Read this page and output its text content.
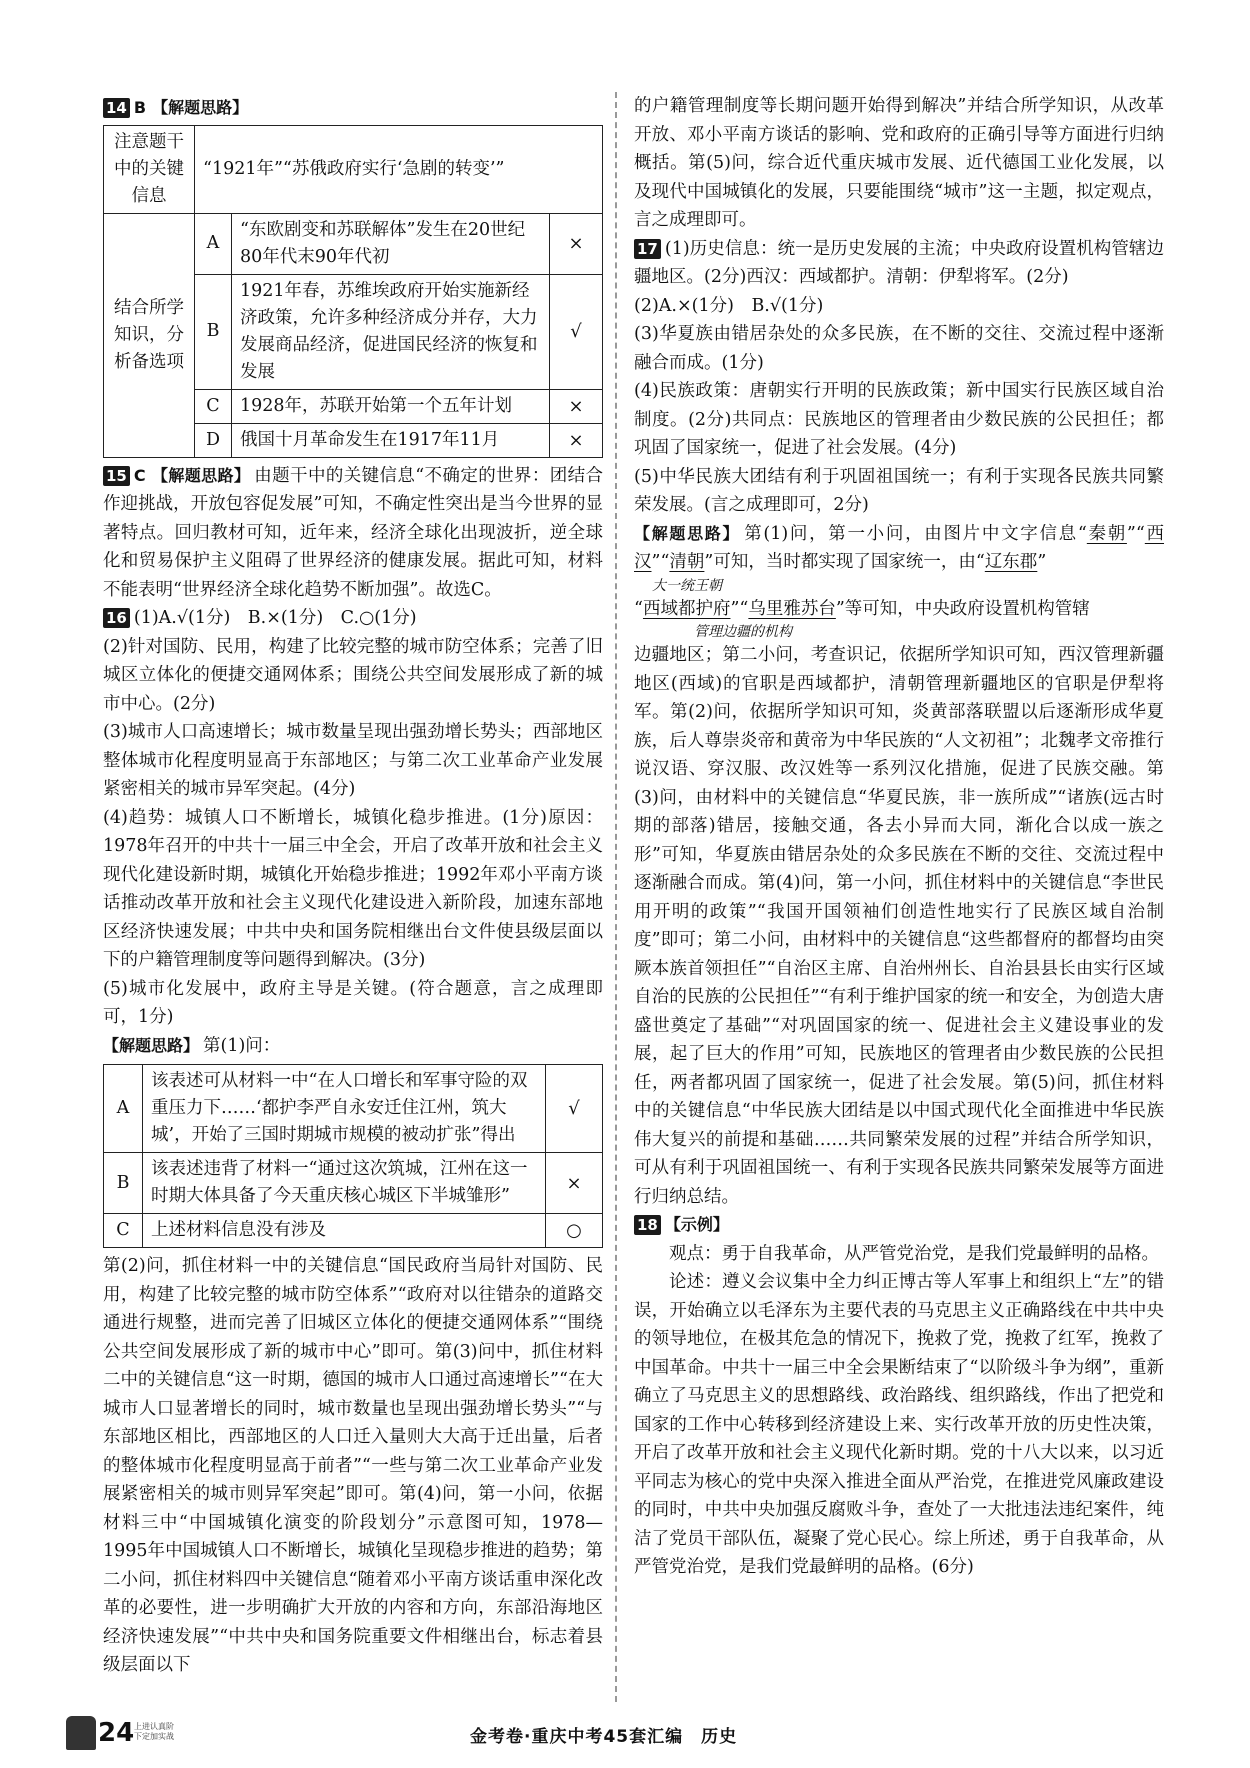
14 B 【解题思路】
注意题干中的关键信息	“1921年”“苏俄政府实行‘急剧的转变’”		
结合所学知识，分析备选项	A	“东欧剧变和苏联解体”发生在20世纪80年代末90年代初	×
	B	1921年春，苏维埃政府开始实施新经济政策，允许多种经济成分并存，大力发展商品经济，促进国民经济的恢复和发展	√
	C	1928年，苏联开始第一个五年计划	×
	D	俄国十月革命发生在1917年11月	×

15 C 【解题思路】 由题干中的关键信息“不确定的世界：团结合作迎挑战，开放包容促发展”可知，不确定性突出是当今世界的显著特点。回归教材可知，近年来，经济全球化出现波折，逆全球化和贸易保护主义阻碍了世界经济的健康发展。据此可知，材料不能表明“世界经济全球化趋势不断加强”。故选C。

16 (1)A.√(1分)　B.×(1分)　C.○(1分)

(2)针对国防、民用，构建了比较完整的城市防空体系；完善了旧城区立体化的便捷交通网体系；围绕公共空间发展形成了新的城市中心。(2分)

(3)城市人口高速增长；城市数量呈现出强劲增长势头；西部地区整体城市化程度明显高于东部地区；与第二次工业革命产业发展紧密相关的城市异军突起。(4分)

(4)趋势：城镇人口不断增长，城镇化稳步推进。(1分)原因：1978年召开的中共十一届三中全会，开启了改革开放和社会主义现代化建设新时期，城镇化开始稳步推进；1992年邓小平南方谈话推动改革开放和社会主义现代化建设进入新阶段，加速东部地区经济快速发展；中共中央和国务院相继出台文件使县级层面以下的户籍管理制度等问题得到解决。(3分)

(5)城市化发展中，政府主导是关键。(符合题意，言之成理即可，1分)

【解题思路】 第(1)问：

A	该表述可从材料一中“在人口增长和军事守险的双重压力下……‘都护李严自永安迁住江州，筑大城’，开始了三国时期城市规模的被动扩张”得出	√
B	该表述违背了材料一“通过这次筑城，江州在这一时期大体具备了今天重庆核心城区下半城雏形”	×
C	上述材料信息没有涉及	○

第(2)问，抓住材料一中的关键信息“国民政府当局针对国防、民用，构建了比较完整的城市防空体系”“政府对以往错杂的道路交通进行规整，进而完善了旧城区立体化的便捷交通网体系”“围绕公共空间发展形成了新的城市中心”即可。第(3)问中，抓住材料二中的关键信息“这一时期，德国的城市人口通过高速增长”“在大城市人口显著增长的同时，城市数量也呈现出强劲增长势头”“与东部地区相比，西部地区的人口迁入量则大大高于迁出量，后者的整体城市化程度明显高于前者”“一些与第二次工业革命产业发展紧密相关的城市则异军突起”即可。第(4)问，第一小问，依据材料三中“中国城镇化演变的阶段划分”示意图可知，1978—1995年中国城镇人口不断增长，城镇化呈现稳步推进的趋势；第二小问，抓住材料四中关键信息“随着邓小平南方谈话重申深化改革的必要性，进一步明确扩大开放的内容和方向，东部沿海地区经济快速发展”“中共中央和国务院重要文件相继出台，标志着县级层面以下

的户籍管理制度等长期问题开始得到解决”并结合所学知识，从改革开放、邓小平南方谈话的影响、党和政府的正确引导等方面进行归纳概括。第(5)问，综合近代重庆城市发展、近代德国工业化发展，以及现代中国城镇化的发展，只要能围绕“城市”这一主题，拟定观点，言之成理即可。

17 (1)历史信息：统一是历史发展的主流；中央政府设置机构管辖边疆地区。(2分)西汉：西域都护。清朝：伊犁将军。(2分)

(2)A.×(1分)　B.√(1分)

(3)华夏族由错居杂处的众多民族，在不断的交往、交流过程中逐渐融合而成。(1分)

(4)民族政策：唐朝实行开明的民族政策；新中国实行民族区域自治制度。(2分)共同点：民族地区的管理者由少数民族的公民担任；都巩固了国家统一，促进了社会发展。(4分)

(5)中华民族大团结有利于巩固祖国统一；有利于实现各民族共同繁荣发展。(言之成理即可，2分)

【解题思路】 第(1)问，第一小问，由图片中文字信息“秦朝”“西汉”“清朝”可知，当时都实现了国家统一，由“辽东郡”

大一统王朝

“西域都护府”“乌里雅苏台”等可知，中央政府设置机构管辖

管理边疆的机构

边疆地区；第二小问，考查识记，依据所学知识可知，西汉管理新疆地区(西域)的官职是西域都护，清朝管理新疆地区的官职是伊犁将军。第(2)问，依据所学知识可知，炎黄部落联盟以后逐渐形成华夏族，后人尊崇炎帝和黄帝为中华民族的“人文初祖”；北魏孝文帝推行说汉语、穿汉服、改汉姓等一系列汉化措施，促进了民族交融。第(3)问，由材料中的关键信息“华夏民族，非一族所成”“诸族(远古时期的部落)错居，接触交通，各去小异而大同，渐化合以成一族之形”可知，华夏族由错居杂处的众多民族在不断的交往、交流过程中逐渐融合而成。第(4)问，第一小问，抓住材料中的关键信息“李世民用开明的政策”“我国开国领袖们创造性地实行了民族区域自治制度”即可；第二小问，由材料中的关键信息“这些都督府的都督均由突厥本族首领担任”“自治区主席、自治州州长、自治县县长由实行区域自治的民族的公民担任”“有利于维护国家的统一和安全，为创造大唐盛世奠定了基础”“对巩固国家的统一、促进社会主义建设事业的发展，起了巨大的作用”可知，民族地区的管理者由少数民族的公民担任，两者都巩固了国家统一，促进了社会发展。第(5)问，抓住材料中的关键信息“中华民族大团结是以中国式现代化全面推进中华民族伟大复兴的前提和基础……共同繁荣发展的过程”并结合所学知识，可从有利于巩固祖国统一、有利于实现各民族共同繁荣发展等方面进行归纳总结。

18 【示例】

观点：勇于自我革命，从严管党治党，是我们党最鲜明的品格。

论述：遵义会议集中全力纠正博古等人军事上和组织上“左”的错误，开始确立以毛泽东为主要代表的马克思主义正确路线在中共中央的领导地位，在极其危急的情况下，挽救了党，挽救了红军，挽救了中国革命。中共十一届三中全会果断结束了“以阶级斗争为纲”，重新确立了马克思主义的思想路线、政治路线、组织路线，作出了把党和国家的工作中心转移到经济建设上来、实行改革开放的历史性决策，开启了改革开放和社会主义现代化新时期。党的十八大以来，以习近平同志为核心的党中央深入推进全面从严治党，在推进党风廉政建设的同时，中共中央加强反腐败斗争，查处了一大批违法违纪案件，纯洁了党员干部队伍，凝聚了党心民心。综上所述，勇于自我革命，从严管党治党，是我们党最鲜明的品格。(6分)

24 上进认真阶
下定加实战	金考卷·重庆中考45套汇编　历史
